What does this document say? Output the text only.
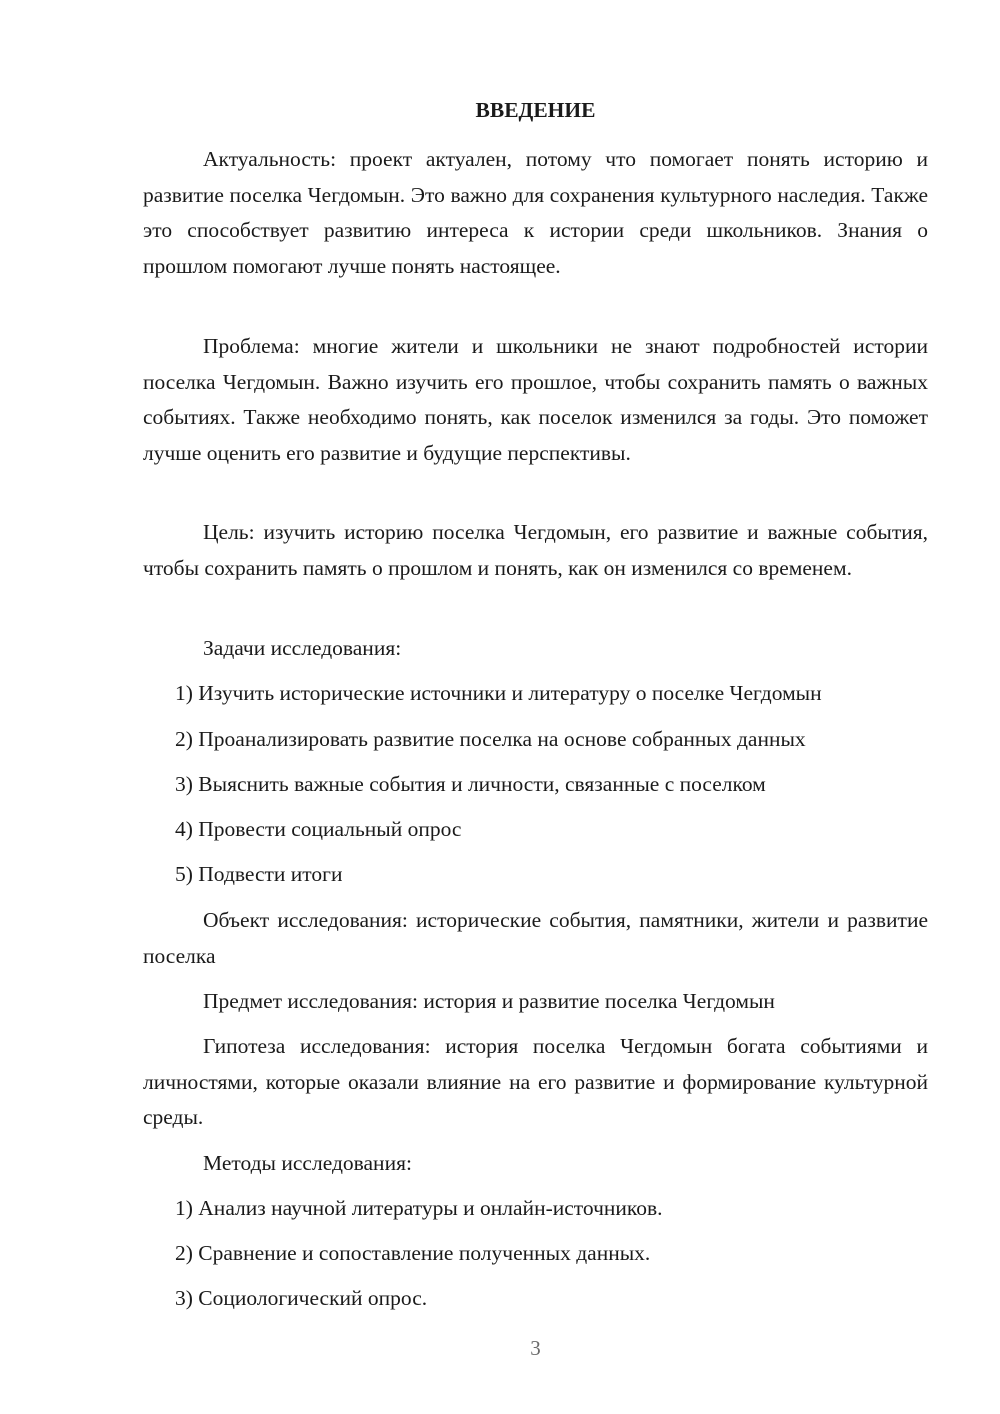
ВВЕДЕНИЕ

Актуальность: проект актуален, потому что помогает понять историю и развитие поселка Чегдомын. Это важно для сохранения культурного наследия. Также это способствует развитию интереса к истории среди школьников. Знания о прошлом помогают лучше понять настоящее.

Проблема: многие жители и школьники не знают подробностей истории поселка Чегдомын. Важно изучить его прошлое, чтобы сохранить память о важных событиях. Также необходимо понять, как поселок изменился за годы. Это поможет лучше оценить его развитие и будущие перспективы.

Цель: изучить историю поселка Чегдомын, его развитие и важные события, чтобы сохранить память о прошлом и понять, как он изменился со временем.

Задачи исследования:

1) Изучить исторические источники и литературу о поселке Чегдомын

2) Проанализировать развитие поселка на основе собранных данных

3) Выяснить важные события и личности, связанные с поселком

4) Провести социальный опрос

5) Подвести итоги

Объект исследования: исторические события, памятники, жители и развитие поселка

Предмет исследования: история и развитие поселка Чегдомын

Гипотеза исследования: история поселка Чегдомын богата событиями и личностями, которые оказали влияние на его развитие и формирование культурной среды.

Методы исследования:

1) Анализ научной литературы и онлайн-источников.

2) Сравнение и сопоставление полученных данных.

3) Социологический опрос.

3
